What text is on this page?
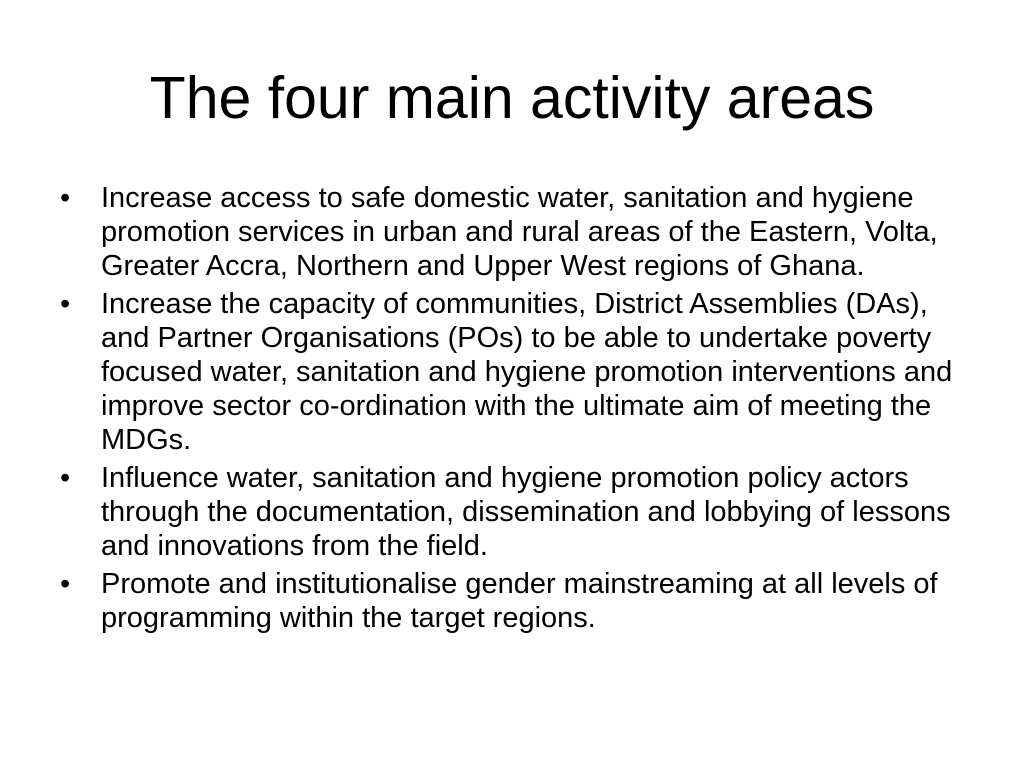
The four main activity areas
•	Increase access to safe domestic water, sanitation and hygiene promotion services in urban and rural areas of the Eastern, Volta, Greater Accra, Northern and Upper West regions of Ghana.
•	Increase the capacity of communities, District Assemblies (DAs), and Partner Organisations (POs) to be able to undertake poverty focused water, sanitation and hygiene promotion interventions and improve sector co-ordination with the ultimate aim of meeting the MDGs.
•	Influence water, sanitation and hygiene promotion policy actors through the documentation, dissemination and lobbying of lessons and innovations from the field.
•	Promote and institutionalise gender mainstreaming at all levels of programming within the target regions.
